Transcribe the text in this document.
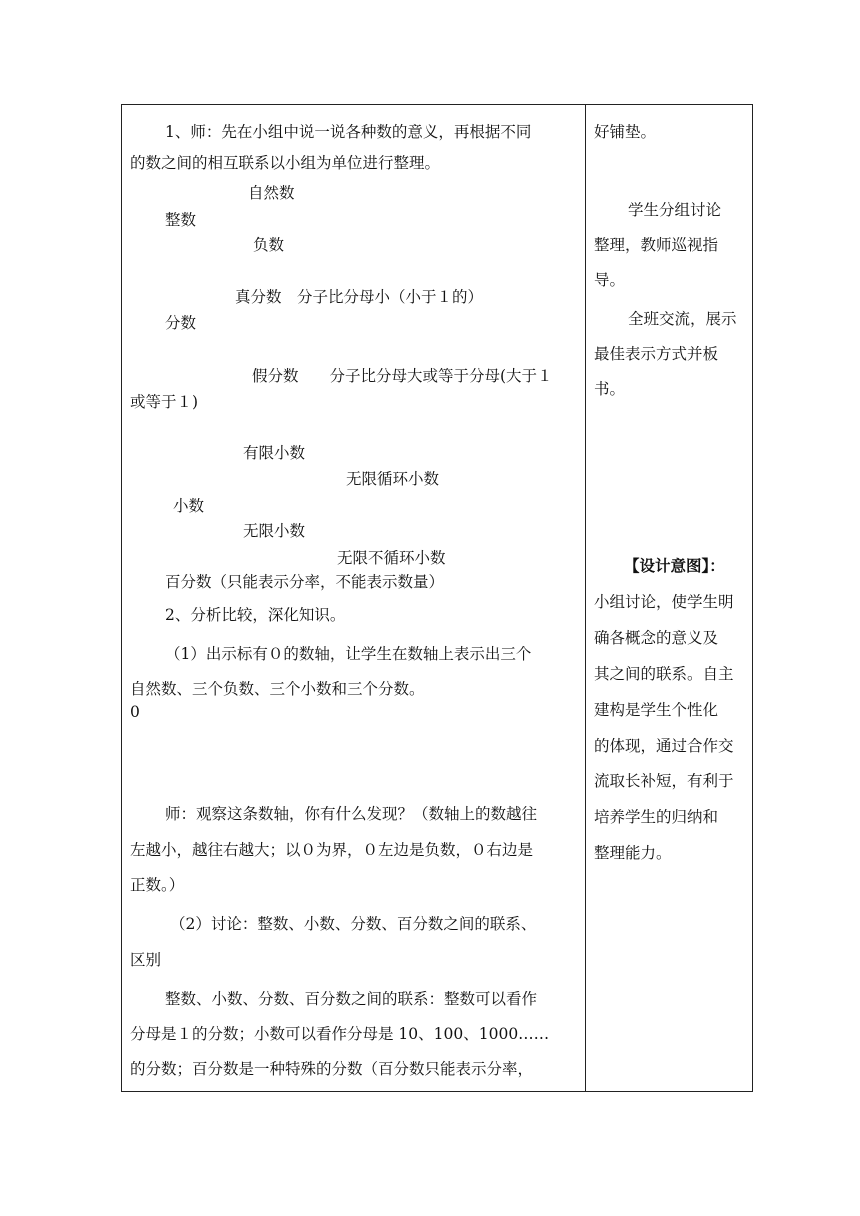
1、师：先在小组中说一说各种数的意义，再根据不同
的数之间的相互联系以小组为单位进行整理。
自然数
整数
负数
真分数　分子比分母小（小于１的）
分数
假分数　　分子比分母大或等于分母(大于１
或等于１)
有限小数
无限循环小数
小数
无限小数
无限不循环小数
百分数（只能表示分率，不能表示数量）
2、分析比较，深化知识。
（1）出示标有０的数轴，让学生在数轴上表示出三个
自然数、三个负数、三个小数和三个分数。
0
师：观察这条数轴，你有什么发现？（数轴上的数越往
左越小，越往右越大；以０为界，０左边是负数，０右边是
正数。）
（2）讨论：整数、小数、分数、百分数之间的联系、
区别
整数、小数、分数、百分数之间的联系：整数可以看作
分母是１的分数；小数可以看作分母是 10、100、1000……
的分数；百分数是一种特殊的分数（百分数只能表示分率，
好铺垫。
学生分组讨论
整理，教师巡视指
导。
全班交流，展示
最佳表示方式并板
书。
【设计意图】：
小组讨论，使学生明
确各概念的意义及
其之间的联系。自主
建构是学生个性化
的体现，通过合作交
流取长补短，有利于
培养学生的归纳和
整理能力。
